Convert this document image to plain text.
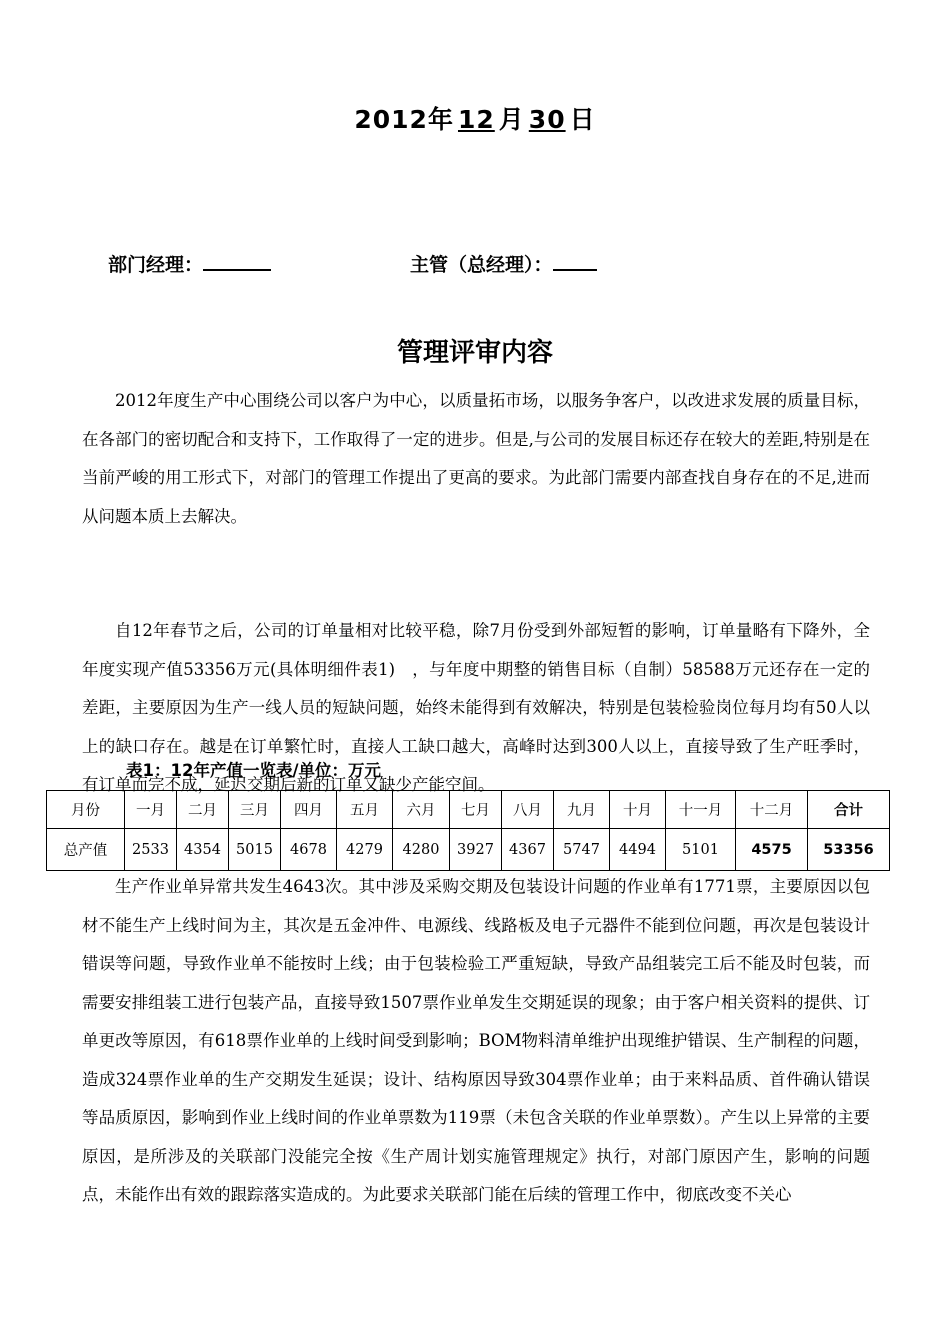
2012年 12 月 30 日
部门经理：	主管（总经理）：
管理评审内容

2012年度生产中心围绕公司以客户为中心，以质量拓市场，以服务争客户，以改进求发展的质量目标，在各部门的密切配合和支持下，工作取得了一定的进步。但是,与公司的发展目标还存在较大的差距,特别是在当前严峻的用工形式下，对部门的管理工作提出了更高的要求。为此部门需要内部查找自身存在的不足,进而从问题本质上去解决。

自12年春节之后，公司的订单量相对比较平稳，除7月份受到外部短暂的影响，订单量略有下降外，全年度实现产值53356万元(具体明细件表1)　，与年度中期整的销售目标（自制）58588万元还存在一定的差距，主要原因为生产一线人员的短缺问题，始终未能得到有效解决，特别是包装检验岗位每月均有50人以上的缺口存在。越是在订单繁忙时，直接人工缺口越大，高峰时达到300人以上，直接导致了生产旺季时，有订单而完不成，延迟交期后新的订单又缺少产能空间。

表1：12年产值一览表/单位：万元
月份	一月	二月	三月	四月	五月	六月	七月	八月	九月	十月	十一月	十二月	合计
总产值	2533	4354	5015	4678	4279	4280	3927	4367	5747	4494	5101	4575	53356

生产作业单异常共发生4643次。其中涉及采购交期及包装设计问题的作业单有1771票，主要原因以包材不能生产上线时间为主，其次是五金冲件、电源线、线路板及电子元器件不能到位问题，再次是包装设计错误等问题，导致作业单不能按时上线；由于包装检验工严重短缺，导致产品组装完工后不能及时包装，而需要安排组装工进行包装产品，直接导致1507票作业单发生交期延误的现象；由于客户相关资料的提供、订单更改等原因，有618票作业单的上线时间受到影响；BOM物料清单维护出现维护错误、生产制程的问题，造成324票作业单的生产交期发生延误；设计、结构原因导致304票作业单；由于来料品质、首件确认错误等品质原因，影响到作业上线时间的作业单票数为119票（未包含关联的作业单票数）。产生以上异常的主要原因，是所涉及的关联部门没能完全按《生产周计划实施管理规定》执行，对部门原因产生，影响的问题点，未能作出有效的跟踪落实造成的。为此要求关联部门能在后续的管理工作中，彻底改变不关心
